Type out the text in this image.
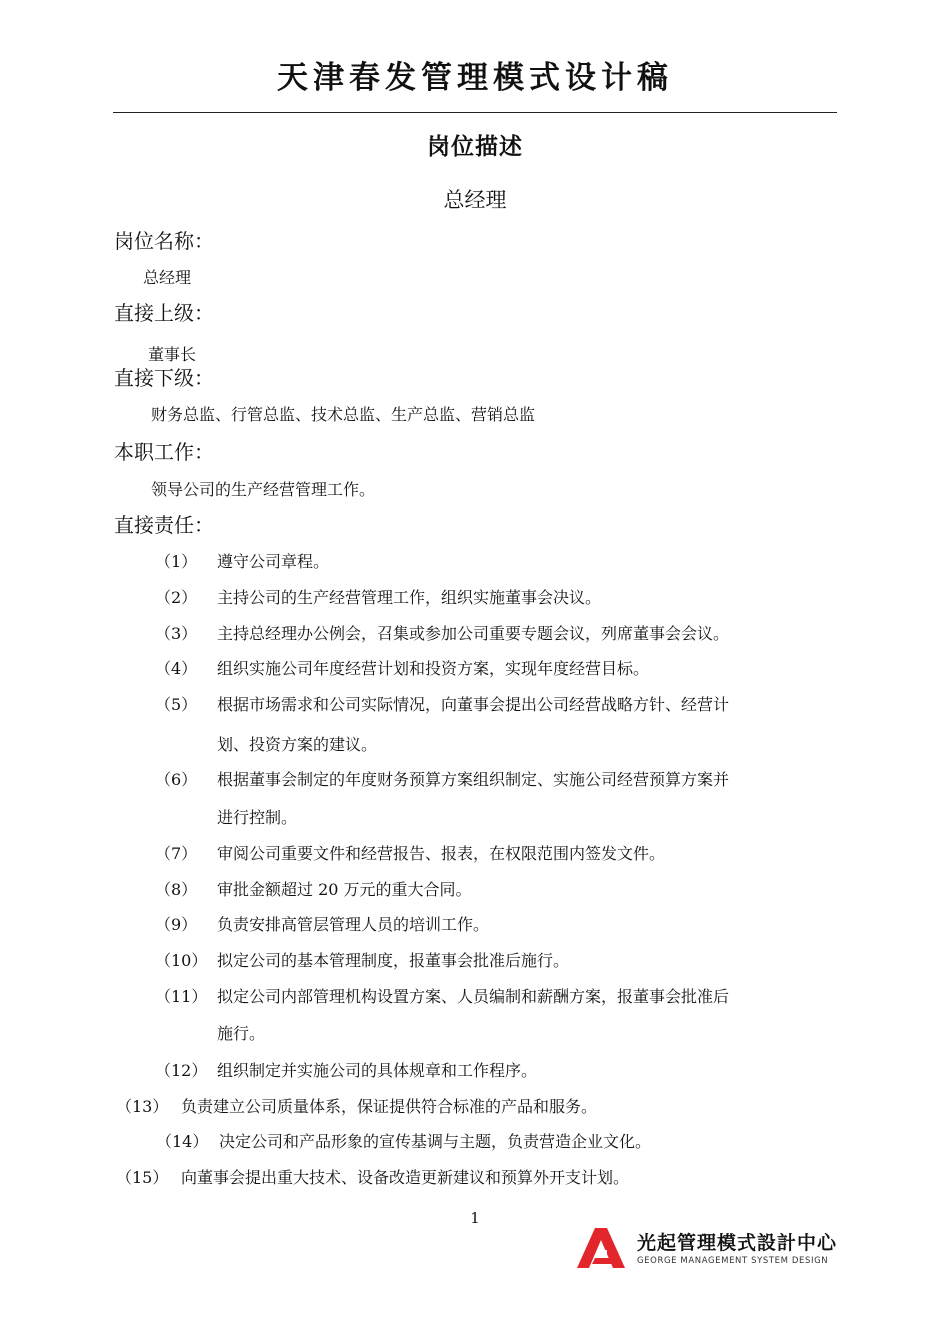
天津春发管理模式设计稿
岗位描述
总经理
岗位名称：
总经理
直接上级：
董事长
直接下级：
财务总监、行管总监、技术总监、生产总监、营销总监
本职工作：
领导公司的生产经营管理工作。
直接责任：
（1） 遵守公司章程。
（2） 主持公司的生产经营管理工作，组织实施董事会决议。
（3） 主持总经理办公例会，召集或参加公司重要专题会议，列席董事会会议。
（4） 组织实施公司年度经营计划和投资方案，实现年度经营目标。
（5） 根据市场需求和公司实际情况，向董事会提出公司经营战略方针、经营计
划、投资方案的建议。
（6） 根据董事会制定的年度财务预算方案组织制定、实施公司经营预算方案并
进行控制。
（7） 审阅公司重要文件和经营报告、报表，在权限范围内签发文件。
（8） 审批金额超过 20 万元的重大合同。
（9） 负责安排高管层管理人员的培训工作。
（10） 拟定公司的基本管理制度，报董事会批准后施行。
（11） 拟定公司内部管理机构设置方案、人员编制和薪酬方案，报董事会批准后
施行。
（12） 组织制定并实施公司的具体规章和工作程序。
（13） 负责建立公司质量体系，保证提供符合标准的产品和服务。
（14） 决定公司和产品形象的宣传基调与主题，负责营造企业文化。
（15） 向董事会提出重大技术、设备改造更新建议和预算外开支计划。
1
光起管理模式設計中心
GEORGE MANAGEMENT SYSTEM DESIGN
